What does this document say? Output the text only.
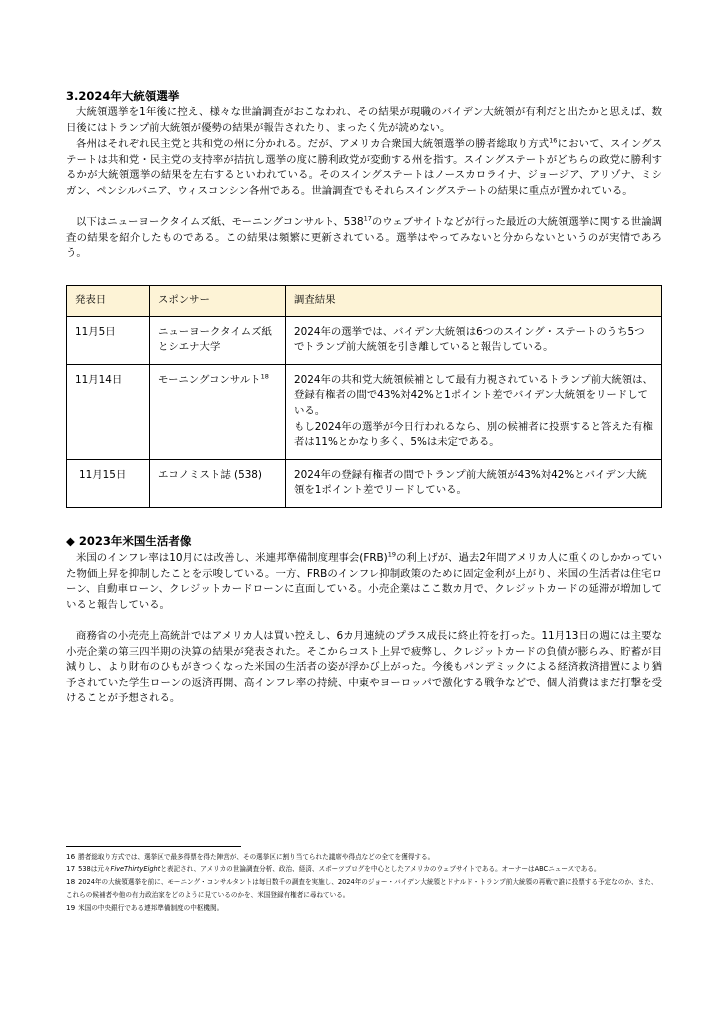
3.2024年大統領選挙

大統領選挙を1年後に控え、様々な世論調査がおこなわれ、その結果が現職のバイデン大統領が有利だと出たかと思えば、数日後にはトランプ前大統領が優勢の結果が報告されたり、まったく先が読めない。

各州はそれぞれ民主党と共和党の州に分かれる。だが、アメリカ合衆国大統領選挙の勝者総取り方式$^{16}$において、スイングステートは共和党・民主党の支持率が拮抗し選挙の度に勝利政党が変動する州を指す。スイングステートがどちらの政党に勝利するかが大統領選挙の結果を左右するといわれている。そのスイングステートはノースカロライナ、ジョージア、アリゾナ、ミシガン、ペンシルバニア、ウィスコンシン各州である。世論調査でもそれらスイングステートの結果に重点が置かれている。

以下はニューヨークタイムズ紙、モーニングコンサルト、$538^{17}$のウェブサイトなどが行った最近の大統領選挙に関する世論調査の結果を紹介したものである。この結果は頻繁に更新されている。選挙はやってみないと分からないというのが実情であろう。

発表日	スポンサー	調査結果
11月5日	ニューヨークタイムズ紙とシエナ大学	2024年の選挙では、バイデン大統領は6つのスイング・ステートのうち5つでトランプ前大統領を引き離していると報告している。
11月14日	モーニングコンサルト$^{18}$	2024年の共和党大統領候補として最有力視されているトランプ前大統領は、登録有権者の間で43%対42%と1ポイント差でバイデン大統領をリードしている。
もし2024年の選挙が今日行われるなら、別の候補者に投票すると答えた有権者は11%とかなり多く、5%は未定である。

11月15日	エコノミスト誌 (538)	2024年の登録有権者の間でトランプ前大統領が43%対42%とバイデン大統領を1ポイント差でリードしている。
◆ 2023年米国生活者像

米国のインフレ率は10月には改善し、米連邦準備制度理事会(FRB)$^{19}$の利上げが、過去2年間アメリカ人に重くのしかかっていた物価上昇を抑制したことを示唆している。一方、FRBのインフレ抑制政策のために固定金利が上がり、米国の生活者は住宅ローン、自動車ローン、クレジットカードローンに直面している。小売企業はここ数カ月で、クレジットカードの延滞が増加していると報告している。

商務省の小売売上高統計ではアメリカ人は買い控えし、6カ月連続のプラス成長に終止符を打った。11月13日の週には主要な小売企業の第三四半期の決算の結果が発表された。そこからコスト上昇で疲弊し、クレジットカードの負債が膨らみ、貯蓄が目減りし、より財布のひもがきつくなった米国の生活者の姿が浮かび上がった。今後もパンデミックによる経済救済措置により猶予されていた学生ローンの返済再開、高インフレ率の持続、中東やヨーロッパで激化する戦争などで、個人消費はまだ打撃を受けることが予想される。

16 勝者総取り方式では、選挙区で最多得票を得た陣営が、その選挙区に割り当てられた議席や得点などの全てを獲得する。

17 538は元々FiveThirtyEightと表記され、アメリカの世論調査分析、政治、経済、スポーツブログを中心としたアメリカのウェブサイトである。オーナーはABCニュースである。

18 2024年の大統領選挙を前に、モーニング・コンサルタントは毎日数千の調査を実施し、2024年のジョー・バイデン大統領とドナルド・トランプ前大統領の再戦で誰に投票する予定なのか、また、これらの候補者や他の有力政治家をどのように見ているのかを、米国登録有権者に尋ねている。

19 米国の中央銀行である連邦準備制度の中枢機関。
